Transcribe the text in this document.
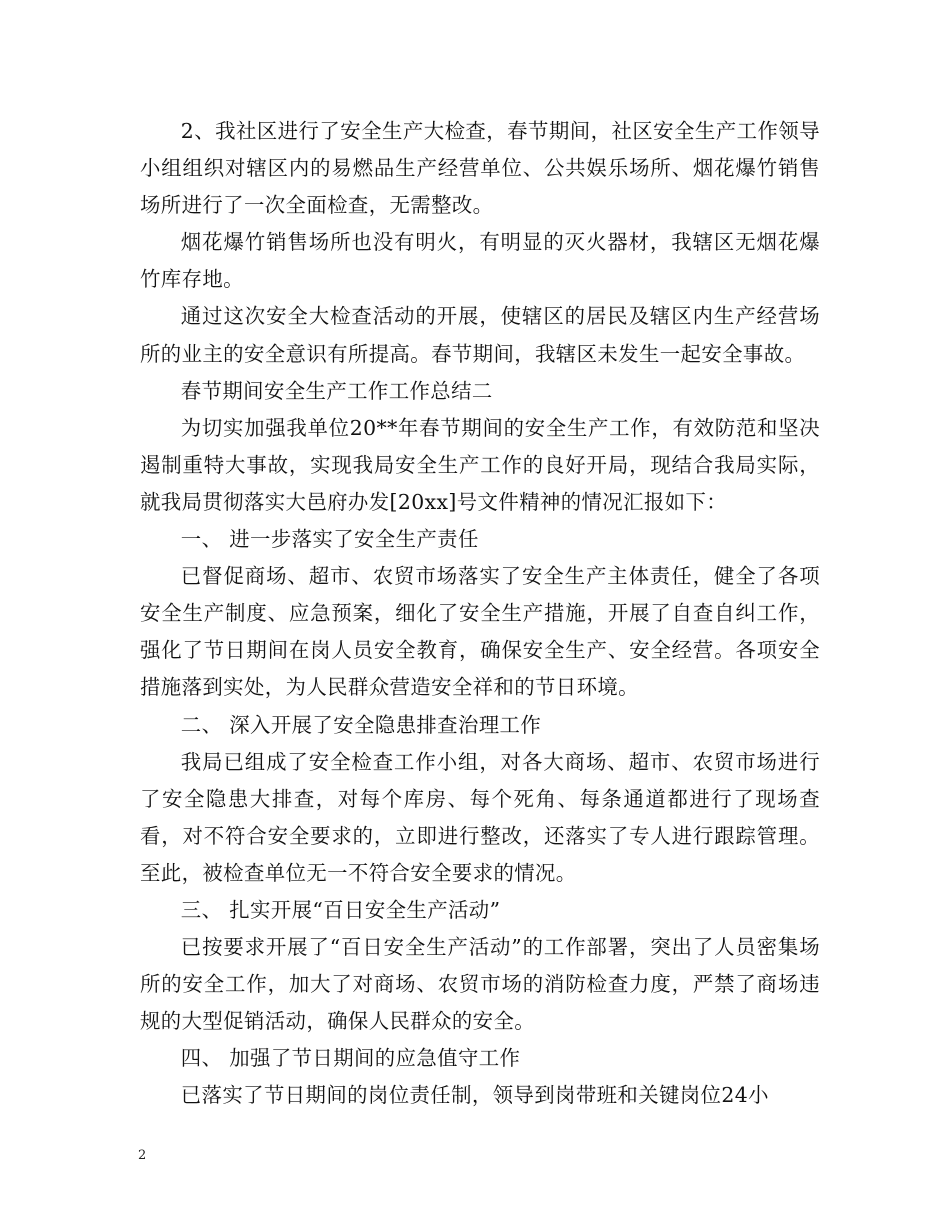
2、我社区进行了安全生产大检查，春节期间，社区安全生产工作领导小组组织对辖区内的易燃品生产经营单位、公共娱乐场所、烟花爆竹销售场所进行了一次全面检查，无需整改。

烟花爆竹销售场所也没有明火，有明显的灭火器材，我辖区无烟花爆竹库存地。

通过这次安全大检查活动的开展，使辖区的居民及辖区内生产经营场所的业主的安全意识有所提高。春节期间，我辖区未发生一起安全事故。

春节期间安全生产工作工作总结二

为切实加强我单位20**年春节期间的安全生产工作，有效防范和坚决遏制重特大事故，实现我局安全生产工作的良好开局，现结合我局实际，就我局贯彻落实大邑府办发[20xx]号文件精神的情况汇报如下：

一、 进一步落实了安全生产责任

已督促商场、超市、农贸市场落实了安全生产主体责任，健全了各项安全生产制度、应急预案，细化了安全生产措施，开展了自查自纠工作，强化了节日期间在岗人员安全教育，确保安全生产、安全经营。各项安全措施落到实处，为人民群众营造安全祥和的节日环境。

二、 深入开展了安全隐患排查治理工作

我局已组成了安全检查工作小组，对各大商场、超市、农贸市场进行了安全隐患大排查，对每个库房、每个死角、每条通道都进行了现场查看，对不符合安全要求的，立即进行整改，还落实了专人进行跟踪管理。至此，被检查单位无一不符合安全要求的情况。

三、 扎实开展“百日安全生产活动”

已按要求开展了“百日安全生产活动”的工作部署，突出了人员密集场所的安全工作，加大了对商场、农贸市场的消防检查力度，严禁了商场违规的大型促销活动，确保人民群众的安全。

四、 加强了节日期间的应急值守工作

已落实了节日期间的岗位责任制，领导到岗带班和关键岗位24小

2
